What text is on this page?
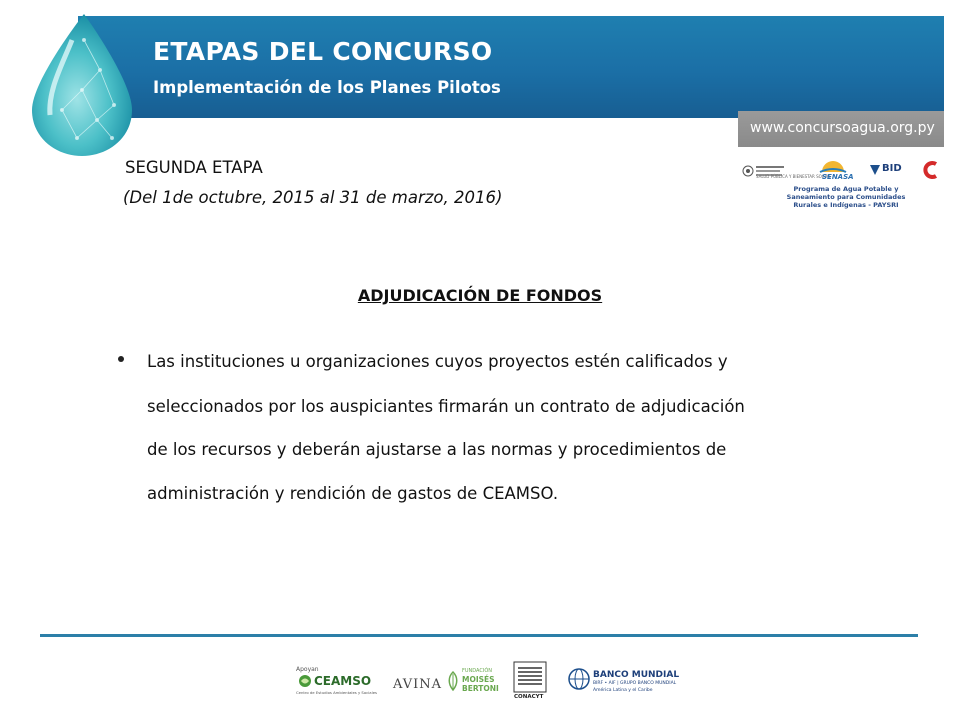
ETAPAS DEL CONCURSO
Implementación de los Planes Pilotos
www.concursoagua.org.py
SALUD PÚBLICA Y BIENESTAR SOCIAL
SENASA
BID
Programa de Agua Potable y Saneamiento para Comunidades Rurales e Indígenas - PAYSRI
SEGUNDA ETAPA
(Del 1de octubre, 2015 al 31 de marzo, 2016)
ADJUDICACIÓN DE FONDOS
Las instituciones u organizaciones cuyos proyectos estén calificados y
seleccionados por los auspiciantes firmarán un contrato de adjudicación
de los recursos y deberán ajustarse a las normas y procedimientos de
administración y rendición de gastos de CEAMSO.
Apoyan
CEAMSO
Centro de Estudios Ambientales y Sociales
AVINA
FUNDACIÓN
MOISÉS
BERTONI
CONACYT
BANCO MUNDIAL
BIRF • AIF | GRUPO BANCO MUNDIAL
América Latina y el Caribe
